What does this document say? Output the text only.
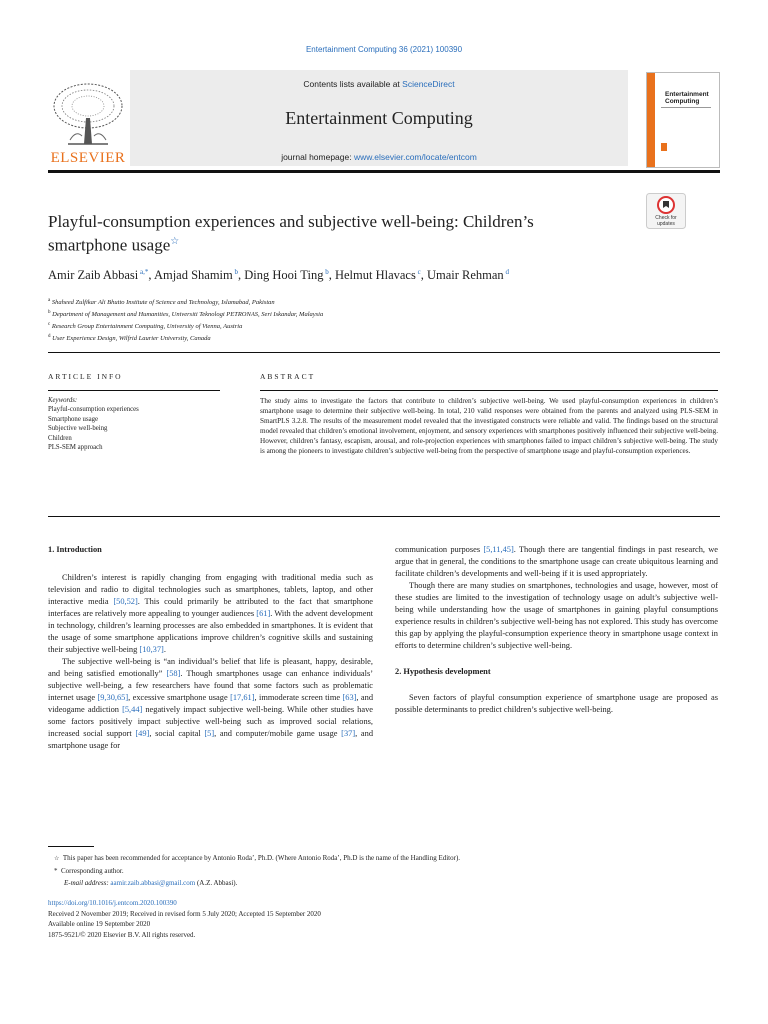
Entertainment Computing 36 (2021) 100390
ELSEVIER
Contents lists available at ScienceDirect
Entertainment Computing
journal homepage: www.elsevier.com/locate/entcom
Entertainment
Computing
Playful-consumption experiences and subjective well-being: Children’s
smartphone usage☆
Check for updates
Amir Zaib Abbasi $^{a,*}$, Amjad Shamim $^b$, Ding Hooi Ting $^b$, Helmut Hlavacs $^c$, Umair Rehman $^d$
$^a$ Shaheed Zulfikar Ali Bhutto Institute of Science and Technology, Islamabad, Pakistan
$^b$ Department of Management and Humanities, Universiti Teknologi PETRONAS, Seri Iskandar, Malaysia
$^c$ Research Group Entertainment Computing, University of Vienna, Austria
$^d$ User Experience Design, Wilfrid Laurier University, Canada
ARTICLE INFO	ABSTRACT
Keywords:
Playful-consumption experiences
Smartphone usage
Subjective well-being
Children
PLS-SEM approach
The study aims to investigate the factors that contribute to children’s subjective well-being. We used playful-consumption experiences in children’s smartphone usage to determine their subjective well-being. In total, 210 valid responses were obtained from the parents and analyzed using PLS-SEM in SmartPLS 3.2.8. The results of the measurement model revealed that the investigated constructs were reliable and valid. The findings based on the structural model revealed that children’s emotional involvement, enjoyment, and sensory experiences with smartphones positively influenced their subjective well-being. However, children’s fantasy, escapism, arousal, and role-projection experiences with smartphones failed to impact children’s subjective well-being. The study is among the pioneers to investigate children’s subjective well-being from the perspective of smartphone usage and playful-consumption experiences.
1. Introduction

Children’s interest is rapidly changing from engaging with traditional media such as television and radio to digital technologies such as smartphones, tablets, laptop, and other interactive media [50,52]. This could primarily be attributed to the fact that smartphone interfaces are relatively more appealing to younger audiences [61]. With the advent development in technology, children’s learning processes are also embedded in smartphones. It is evident that the usage of some smartphone applications improve children’s cognitive skills and sustaining their subjective well-being [10,37].

The subjective well-being is “an individual’s belief that life is pleasant, happy, desirable, and being satisfied emotionally” [58]. Though smartphones usage can enhance individuals’ subjective well-being, a few researchers have found that some factors such as problematic internet usage [9,30,65], excessive smartphone usage [17,61], immoderate screen time [63], and videogame addiction [5,44] negatively impact subjective well-being. While other studies have some factors positively impact subjective well-being such as improved social relations, increased social support [49], social capital [5], and computer/mobile game usage [37], and smartphone usage for

communication purposes [5,11,45]. Though there are tangential findings in past research, we argue that in general, the conditions to the smartphone usage can create ubiquitous learning and facilitate children’s developments and well-being if it is used appropriately.

Though there are many studies on smartphones, technologies and usage, however, most of these studies are limited to the investigation of technology usage on adult’s subjective well-being while understanding how the usage of smartphones in gaining playful consumptions experience results in children’s subjective well-being has not explored. This study has overcome this gap by applying the playful-consumption experience theory in smartphone usage context in efforts to determine children’s subjective well-being.

2. Hypothesis development

Seven factors of playful consumption experience of smartphone usage are proposed as possible determinants to predict children’s subjective well-being.

☆ This paper has been recommended for acceptance by Antonio Roda’, Ph.D. (Where Antonio Roda’, Ph.D is the name of the Handling Editor).
* Corresponding author.
E-mail address: aamir.zaib.abbasi@gmail.com (A.Z. Abbasi).
https://doi.org/10.1016/j.entcom.2020.100390
Received 2 November 2019; Received in revised form 5 July 2020; Accepted 15 September 2020
Available online 19 September 2020
1875-9521/© 2020 Elsevier B.V. All rights reserved.
